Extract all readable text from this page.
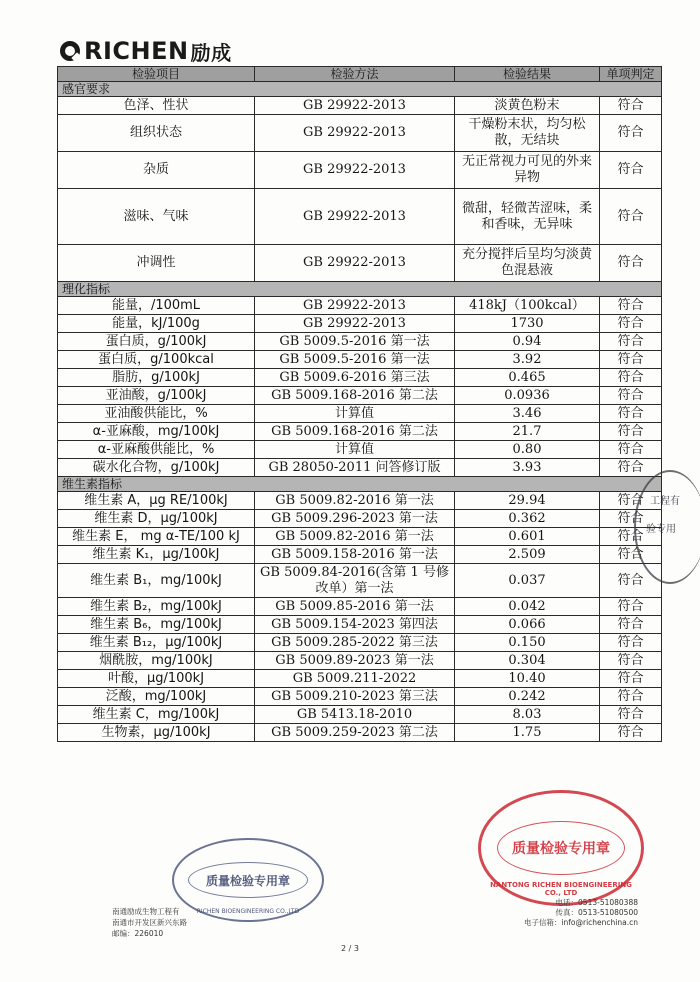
RICHEN 励成
检验项目	检验方法	检验结果	单项判定
感官要求			
色泽、性状	GB 29922-2013	淡黄色粉末	符合
组织状态	GB 29922-2013	干燥粉末状，均匀松散，无结块	符合
杂质	GB 29922-2013	无正常视力可见的外来异物	符合
滋味、气味	GB 29922-2013	微甜，轻微苦涩味，柔和香味，无异味	符合
冲调性	GB 29922-2013	充分搅拌后呈均匀淡黄色混悬液	符合
理化指标			
能量，/100mL	GB 29922-2013	418kJ（100kcal）	符合
能量，kJ/100g	GB 29922-2013	1730	符合
蛋白质，g/100kJ	GB 5009.5-2016 第一法	0.94	符合
蛋白质，g/100kcal	GB 5009.5-2016 第一法	3.92	符合
脂肪，g/100kJ	GB 5009.6-2016 第三法	0.465	符合
亚油酸，g/100kJ	GB 5009.168-2016 第二法	0.0936	符合
亚油酸供能比，%	计算值	3.46	符合
α-亚麻酸，mg/100kJ	GB 5009.168-2016 第二法	21.7	符合
α-亚麻酸供能比，%	计算值	0.80	符合
碳水化合物，g/100kJ	GB 28050-2011 问答修订版	3.93	符合
维生素指标			
维生素 A，μg RE/100kJ	GB 5009.82-2016 第一法	29.94	符合
维生素 D，μg/100kJ	GB 5009.296-2023 第一法	0.362	符合
维生素 E， mg α-TE/100 kJ	GB 5009.82-2016 第一法	0.601	符合
维生素 K₁，μg/100kJ	GB 5009.158-2016 第一法	2.509	符合
维生素 B₁，mg/100kJ	GB 5009.84-2016(含第 1 号修改单）第一法	0.037	符合
维生素 B₂，mg/100kJ	GB 5009.85-2016 第一法	0.042	符合
维生素 B₆，mg/100kJ	GB 5009.154-2023 第四法	0.066	符合
维生素 B₁₂，μg/100kJ	GB 5009.285-2022 第三法	0.150	符合
烟酰胺，mg/100kJ	GB 5009.89-2023 第一法	0.304	符合
叶酸，μg/100kJ	GB 5009.211-2022	10.40	符合
泛酸，mg/100kJ	GB 5009.210-2023 第三法	0.242	符合
维生素 C，mg/100kJ	GB 5413.18-2010	8.03	符合
生物素，μg/100kJ	GB 5009.259-2023 第二法	1.75	符合
工程有
验专用
质量检验专用章
RICHEN BIOENGINEERING CO.,LTD
质量检验专用章
NANTONG RICHEN BIOENGINEERING CO., LTD
南通励成生物工程有
南通市开发区新兴东路
邮编：226010
电话：0513-51080388
传真：0513-51080500
电子信箱：info@richenchina.cn
2 / 3
